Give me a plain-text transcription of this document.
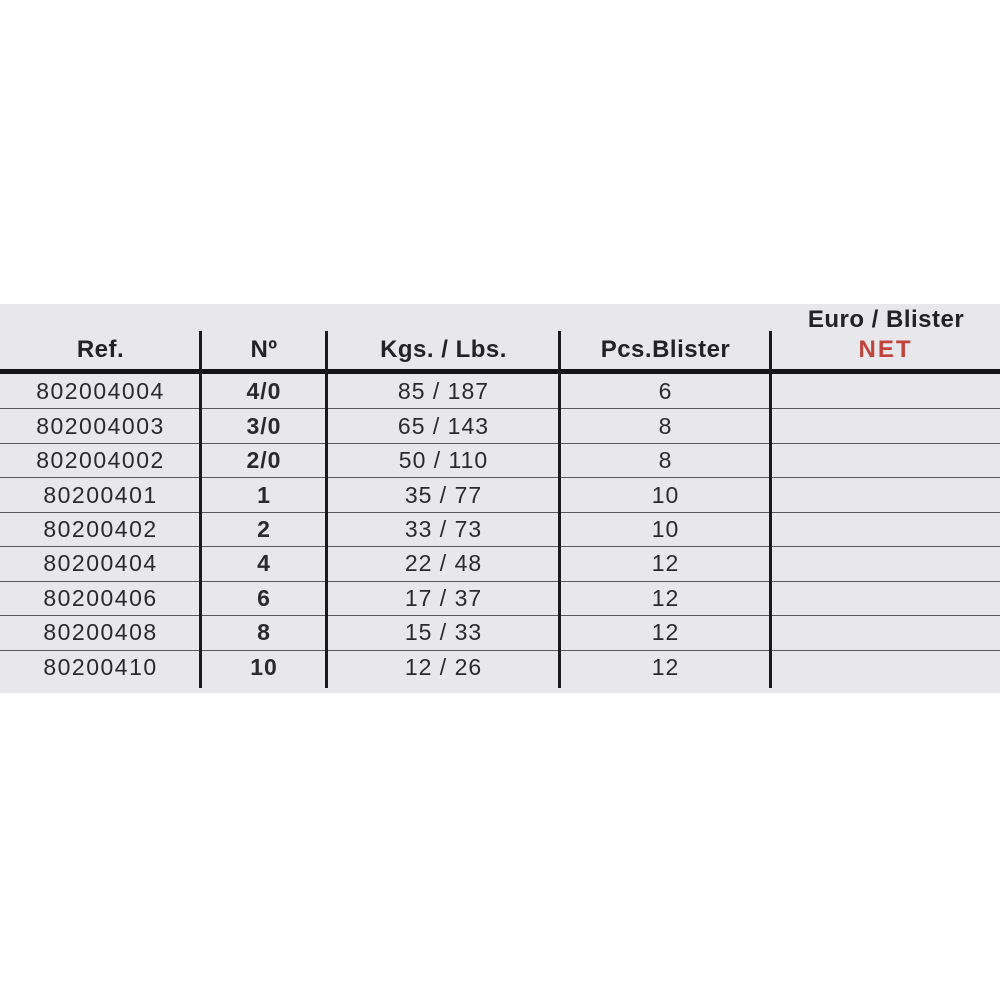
Euro / Blister
Ref.	Nº	Kgs. / Lbs.	Pcs.Blister	NET
802004004	4/0	85 / 187	6
802004003	3/0	65 / 143	8
802004002	2/0	50 / 110	8
80200401	1	35 / 77	10
80200402	2	33 / 73	10
80200404	4	22 / 48	12
80200406	6	17 / 37	12
80200408	8	15 / 33	12
80200410	10	12 / 26	12
